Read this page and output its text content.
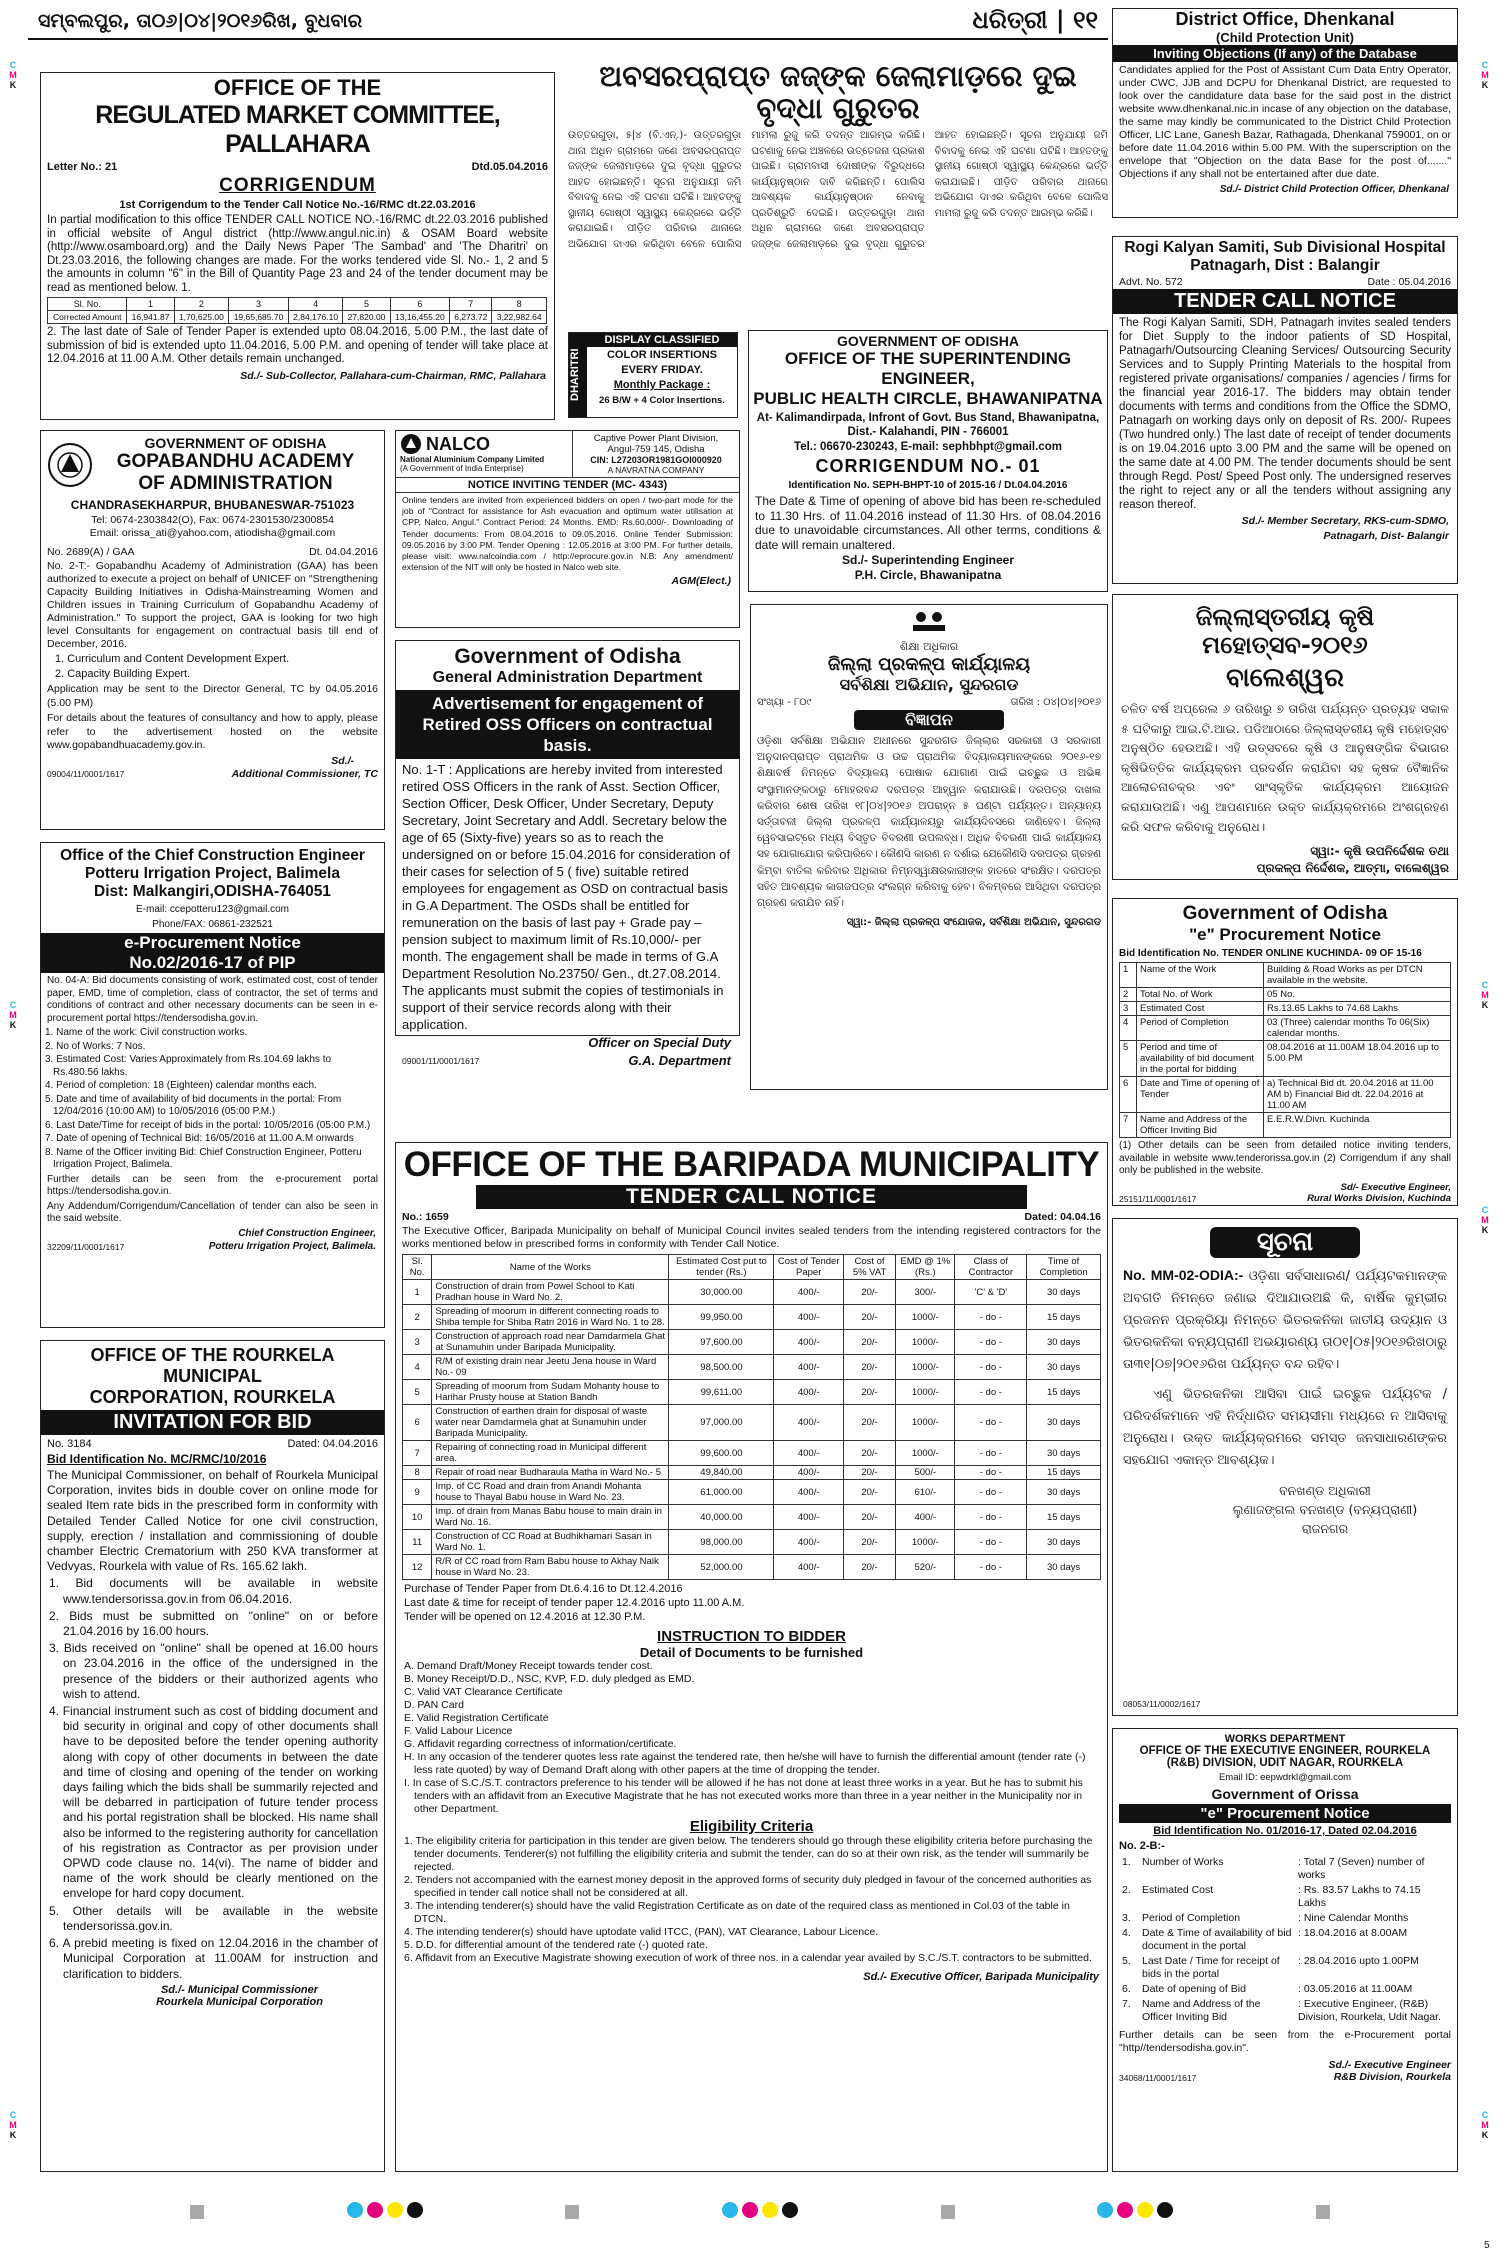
ସମ୍ବଲପୁର, ତା୦୬|୦୪|୨୦୧୬ରିଖ, ବୁଧବାର	ଧରିତ୍ରୀ | ୧୧
C
M
K
C
M
K
C
M
K
C
M
K
C
M
K
C
M
K
C
M
K
OFFICE OF THE
REGULATED MARKET COMMITTEE, PALLAHARA
Letter No.: 21	Dtd.05.04.2016
CORRIGENDUM
1st Corrigendum to the Tender Call Notice No.-16/RMC dt.22.03.2016
In partial modification to this office TENDER CALL NOTICE NO.-16/RMC dt.22.03.2016 published in official website of Angul district (http://www.angul.nic.in) & OSAM Board website (http://www.osamboard.org) and the Daily News Paper 'The Sambad' and 'The Dharitri' on Dt.23.03.2016, the following changes are made. For the works tendered vide Sl. No.- 1, 2 and 5 the amounts in column "6" in the Bill of Quantity Page 23 and 24 of the tender document may be read as mentioned below. 1.
Sl. No.	1	2	3	4	5	6	7	8
Corrected Amount	16,941.87	1,70,625.00	19,65,685.70	2,84,176.10	27,820.00	13,16,455.20	6,273.72	3,22,982.64
2. The last date of Sale of Tender Paper is extended upto 08.04.2016, 5.00 P.M., the last date of submission of bid is extended upto 11.04.2016, 5.00 P.M. and opening of tender will take place at 12.04.2016 at 11.00 A.M. Other details remain unchanged.
Sd./- Sub-Collector, Pallahara-cum-Chairman, RMC, Pallahara
ଅବସରପ୍ରାପ୍ତ ଜଜ୍‌ଙ୍କ ଜେଲାମାଡ଼ରେ ଦୁଇ ବୃଦ୍ଧା ଗୁରୁତର
ଉତ୍ତରଗୁଡ଼ା, ୫|୪ (ବି.ଏନ୍‌.)- ଉତ୍ତରଗୁଡ଼ା ଥାନା ଅଧିନ ଗ୍ରାମରେ ଜଣେ ଅବସରପ୍ରାପ୍ତ ଜଜ୍‌ଙ୍କ ଜେଲାମାଡ଼ରେ ଦୁଇ ବୃଦ୍ଧା ଗୁରୁତର ଆହତ ହୋଇଛନ୍ତି। ସୂଚନା ଅନୁଯାୟୀ ଜମି ବିବାଦକୁ ନେଇ ଏହି ଘଟଣା ଘଟିଛି। ଆହତଙ୍କୁ ସ୍ଥାନୀୟ ଗୋଷ୍ଠୀ ସ୍ୱାସ୍ଥ୍ୟ କେନ୍ଦ୍ରରେ ଭର୍ତ୍ତି କରାଯାଇଛି। ପୀଡ଼ିତ ପରିବାର ଥାନାରେ ଅଭିଯୋଗ ଦାଏର କରିଥିବା ବେଳେ ପୋଲିସ ମାମଲା ରୁଜୁ କରି ତଦନ୍ତ ଆରମ୍ଭ କରିଛି। ଘଟଣାକୁ ନେଇ ଅଞ୍ଚଳରେ ଉତ୍ତେଜନା ପ୍ରକାଶ ପାଇଛି। ଗ୍ରାମବାସୀ ଦୋଷୀଙ୍କ ବିରୁଦ୍ଧରେ କାର୍ଯ୍ୟାନୁଷ୍ଠାନ ଦାବି କରିଛନ୍ତି। ପୋଲିସ ଆବଶ୍ୟକ କାର୍ଯ୍ୟାନୁଷ୍ଠାନ ନେବାକୁ ପ୍ରତିଶ୍ରୁତି ଦେଇଛି। ଉତ୍ତରଗୁଡ଼ା ଥାନା ଅଧିନ ଗ୍ରାମରେ ଜଣେ ଅବସରପ୍ରାପ୍ତ ଜଜ୍‌ଙ୍କ ଜେଲାମାଡ଼ରେ ଦୁଇ ବୃଦ୍ଧା ଗୁରୁତର ଆହତ ହୋଇଛନ୍ତି। ସୂଚନା ଅନୁଯାୟୀ ଜମି ବିବାଦକୁ ନେଇ ଏହି ଘଟଣା ଘଟିଛି। ଆହତଙ୍କୁ ସ୍ଥାନୀୟ ଗୋଷ୍ଠୀ ସ୍ୱାସ୍ଥ୍ୟ କେନ୍ଦ୍ରରେ ଭର୍ତ୍ତି କରାଯାଇଛି। ପୀଡ଼ିତ ପରିବାର ଥାନାରେ ଅଭିଯୋଗ ଦାଏର କରିଥିବା ବେଳେ ପୋଲିସ ମାମଲା ରୁଜୁ କରି ତଦନ୍ତ ଆରମ୍ଭ କରିଛି।
DHARITRI
DISPLAY CLASSIFIED
COLOR INSERTIONS
EVERY FRIDAY.
Monthly Package :
26 B/W + 4 Color Insertions.
GOVERNMENT OF ODISHA
OFFICE OF THE SUPERINTENDING ENGINEER,
PUBLIC HEALTH CIRCLE, BHAWANIPATNA
At- Kalimandirpada, Infront of Govt. Bus Stand, Bhawanipatna, Dist.- Kalahandi, PIN - 766001
Tel.: 06670-230243, E-mail: sephbhpt@gmail.com
CORRIGENDUM NO.- 01
Identification No. SEPH-BHPT-10 of 2015-16 / Dt.04.04.2016
The Date & Time of opening of above bid has been re-scheduled to 11.30 Hrs. of 11.04.2016 instead of 11.30 Hrs. of 08.04.2016 due to unavoidable circumstances. All other terms, conditions & date will remain unaltered.
Sd./- Superintending Engineer
P.H. Circle, Bhawanipatna
District Office, Dhenkanal
(Child Protection Unit)
Inviting Objections (If any) of the Database
Candidates applied for the Post of Assistant Cum Data Entry Operator, under CWC, JJB and DCPU for Dhenkanal District, are requested to look over the candidature data base for the said post in the district website www.dhenkanal.nic.in incase of any objection on the database, the same may kindly be communicated to the District Child Protection Officer, LIC Lane, Ganesh Bazar, Rathagada, Dhenkanal 759001, on or before date 11.04.2016 within 5.00 PM. With the superscription on the envelope that "Objection on the data Base for the post of......." Objections if any shall not be entertained after due date.
Sd./- District Child Protection Officer, Dhenkanal
Rogi Kalyan Samiti, Sub Divisional Hospital
Patnagarh, Dist : Balangir
Advt. No. 572	Date : 05.04.2016
TENDER CALL NOTICE
The Rogi Kalyan Samiti, SDH, Patnagarh invites sealed tenders for Diet Supply to the indoor patients of SD Hospital, Patnagarh/Outsourcing Cleaning Services/ Outsourcing Security Services and to Supply Printing Materials to the hospital from registered private organisations/ companies / agencies / firms for the financial year 2016-17. The bidders may obtain tender documents with terms and conditions from the Office the SDMO, Patnagarh on working days only on deposit of Rs. 200/- Rupees (Two hundred only.) The last date of receipt of tender documents is on 19.04.2016 upto 3.00 PM and the same will be opened on the same date at 4.00 PM. The tender documents should be sent through Regd. Post/ Speed Post only. The undersigned reserves the right to reject any or all the tenders without assigning any reason thereof.
Sd./- Member Secretary, RKS-cum-SDMO,
Patnagarh, Dist- Balangir
GOVERNMENT OF ODISHA
GOPABANDHU ACADEMY
OF ADMINISTRATION
CHANDRASEKHARPUR, BHUBANESWAR-751023
Tel: 0674-2303842(O), Fax: 0674-2301530/2300854
Email: orissa_ati@yahoo.com, atiodisha@gmail.com
No. 2689(A) / GAA	Dt. 04.04.2016
No. 2-T:- Gopabandhu Academy of Administration (GAA) has been authorized to execute a project on behalf of UNICEF on "Strengthening Capacity Building Initiatives in Odisha-Mainstreaming Women and Children issues in Training Curriculum of Gopabandhu Academy of Administration." To support the project, GAA is looking for two high level Consultants for engagement on contractual basis till end of December, 2016.
1. Curriculum and Content Development Expert.
2. Capacity Building Expert.
Application may be sent to the Director General, TC by 04.05.2016 (5.00 PM)
For details about the features of consultancy and how to apply, please refer to the advertisement hosted on the website www.gopabandhuacademy.gov.in.
Sd./-
09004/11/0001/1617	Additional Commissioner, TC
NALCO
National Aluminium Company Limited
(A Government of India Enterprise)
Captive Power Plant Division,
Angul-759 145, Odisha
CIN: L27203OR1981GOI000920
A NAVRATNA COMPANY
NOTICE INVITING TENDER (MC- 4343)
Online tenders are invited from experienced bidders on open / two-part mode for the job of "Contract for assistance for Ash evacuation and optimum water utilisation at CPP, Nalco, Angul." Contract Period: 24 Months. EMD: Rs.60,000/-. Downloading of Tender documents: From 08.04.2016 to 09.05.2016. Online Tender Submission: 09.05.2016 by 3:00 PM. Tender Opening : 12.05.2016 at 3:00 PM. For further details, please visit: www.nalcoindia.com / http://eprocure.gov.in N.B: Any amendment/ extension of the NIT will only be hosted in Nalco web site.
AGM(Elect.)
Government of Odisha
General Administration Department
Advertisement for engagement of Retired OSS Officers on contractual basis.
No. 1-T : Applications are hereby invited from interested retired OSS Officers in the rank of Asst. Section Officer, Section Officer, Desk Officer, Under Secretary, Deputy Secretary, Joint Secretary and Addl. Secretary below the age of 65 (Sixty-five) years so as to reach the undersigned on or before 15.04.2016 for consideration of their cases for selection of 5 ( five) suitable retired employees for engagement as OSD on contractual basis in G.A Department. The OSDs shall be entitled for remuneration on the basis of last pay + Grade pay – pension subject to maximum limit of Rs.10,000/- per month. The engagement shall be made in terms of G.A Department Resolution No.23750/ Gen., dt.27.08.2014. The applicants must submit the copies of testimonials in support of their service records along with their application.
Officer on Special Duty
09001/11/0001/1617	G.A. Department
ଶିକ୍ଷା ଅଧିକାର
ଜିଲ୍ଲା ପ୍ରକଳ୍ପ କାର୍ଯ୍ୟାଳୟ
ସର୍ବଶିକ୍ଷା ଅଭିଯାନ, ସୁନ୍ଦରଗଡ
ସଂଖ୍ୟା - ୮୦୯	ତାରିଖ : ୦୪|୦୪|୨୦୧୬
ବିଜ୍ଞାପନ
ଓଡ଼ିଶା ସର୍ବଶିକ୍ଷା ଅଭିଯାନ ଅଧୀନରେ ସୁନ୍ଦରଗଡ ଜିଲ୍ଲାର ସରକାରୀ ଓ ସରକାରୀ ଅନୁଦାନପ୍ରାପ୍ତ ପ୍ରାଥମିକ ଓ ଉଚ୍ଚ ପ୍ରାଥମିକ ବିଦ୍ୟାଳୟମାନଙ୍କରେ ୨୦୧୬-୧୭ ଶିକ୍ଷାବର୍ଷ ନିମନ୍ତେ ବିଦ୍ୟାଳୟ ପୋଷାକ ଯୋଗାଣ ପାଇଁ ଇଚ୍ଛୁକ ଓ ଅଭିଜ୍ଞ ସଂସ୍ଥାମାନଙ୍କଠାରୁ ମୋହରବନ୍ଦ ଦରପତ୍ର ଆହ୍ୱାନ କରାଯାଉଛି। ଦରପତ୍ର ଦାଖଲ କରିବାର ଶେଷ ତାରିଖ ୧୮|୦୪|୨୦୧୬ ଅପରାହ୍ନ ୫ ଘଣ୍ଟା ପର୍ଯ୍ୟନ୍ତ। ଅନ୍ୟାନ୍ୟ ସର୍ତ୍ତାବଳୀ ଜିଲ୍ଲା ପ୍ରକଳ୍ପ କାର୍ଯ୍ୟାଳୟରୁ କାର୍ଯ୍ୟଦିବସରେ ଜାଣିହେବ। ଜିଲ୍ଲା ୱେବସାଇଟ୍‌ରେ ମଧ୍ୟ ବିସ୍ତୃତ ବିବରଣୀ ଉପଲବ୍ଧ। ଅଧିକ ବିବରଣୀ ପାଇଁ କାର୍ଯ୍ୟାଳୟ ସହ ଯୋଗାଯୋଗ କରିପାରିବେ। କୌଣସି କାରଣ ନ ଦର୍ଶାଇ ଯେକୌଣସି ଦରପତ୍ର ଗ୍ରହଣ କିମ୍ବା ବାତିଲ କରିବାର ଅଧିକାର ନିମ୍ନସ୍ୱାକ୍ଷରକାରୀଙ୍କ ହାତରେ ସଂରକ୍ଷିତ। ଦରପତ୍ର ସହିତ ଆବଶ୍ୟକ କାଗଜପତ୍ର ସଂଲଗ୍ନ କରିବାକୁ ହେବ। ବିଳମ୍ବରେ ଆସିଥିବା ଦରପତ୍ର ଗ୍ରହଣ କରାଯିବ ନାହିଁ।
ସ୍ୱା:- ଜିଲ୍ଲା ପ୍ରକଳ୍ପ ସଂଯୋଜକ, ସର୍ବଶିକ୍ଷା ଅଭିଯାନ, ସୁନ୍ଦରଗଡ
ଜିଲ୍ଲାସ୍ତରୀୟ କୃଷି ମହୋତ୍ସବ-୨୦୧୬
ବାଲେଶ୍ୱର
ଚଳିତ ବର୍ଷ ଅପ୍ରେଲ ୬ ତାରିଖରୁ ୭ ତାରିଖ ପର୍ଯ୍ୟନ୍ତ ପ୍ରତ୍ୟହ ସକାଳ ୫ ଘଟିକାରୁ ଆଇ.ଟି.ଆଇ. ପଡିଆଠାରେ ଜିଲ୍ଲାସ୍ତରୀୟ କୃଷି ମହୋତ୍ସବ ଅନୁଷ୍ଠିତ ହେଉଅଛି। ଏହି ଉତ୍ସବରେ କୃଷି ଓ ଆନୁଷଙ୍ଗିକ ବିଭାଗର କୃଷିଭିତ୍ତିକ କାର୍ଯ୍ୟକ୍ରମ ପ୍ରଦର୍ଶନ କରାଯିବା ସହ କୃଷକ ବୈଜ୍ଞାନିକ ଆଲୋଚନାଚକ୍ର ଏବଂ ସାଂସ୍କୃତିକ କାର୍ଯ୍ୟକ୍ରମ ଆୟୋଜନ କରାଯାଉଅଛି। ଏଣୁ ଆପଣମାନେ ଉକ୍ତ କାର୍ଯ୍ୟକ୍ରମରେ ଅଂଶଗ୍ରହଣ କରି ସଫଳ କରିବାକୁ ଅନୁରୋଧ।
ସ୍ୱା:- କୃଷି ଉପନିର୍ଦ୍ଦେଶକ ତଥା
ପ୍ରକଳ୍ପ ନିର୍ଦ୍ଦେଶକ, ଆତ୍ମା, ବାଲେଶ୍ୱର
Government of Odisha
"e" Procurement Notice
Bid Identification No. TENDER ONLINE KUCHINDA- 09 OF 15-16
1	Name of the Work	Building & Road Works as per DTCN available in the website.
2	Total No. of Work	05 No.
3	Estimated Cost	Rs.13.65 Lakhs to 74.68 Lakhs
4	Period of Completion	03 (Three) calendar months To 06(Six) calendar months.
5	Period and time of availability of bid document in the portal for bidding	08.04.2016 at 11.00AM 18.04.2016 up to 5.00 PM
6	Date and Time of opening of Tender	a) Technical Bid dt. 20.04.2016 at 11.00 AM b) Financial Bid dt. 22.04.2016 at 11.00 AM
7	Name and Address of the Officer Inviting Bid	E.E.R.W.Divn. Kuchinda
(1) Other details can be seen from detailed notice inviting tenders, available in website www.tenderorissa.gov.in (2) Corrigendum if any shall only be published in the website.
25151/11/0001/1617
Sd/- Executive Engineer,
Rural Works Division, Kuchinda
Office of the Chief Construction Engineer
Potteru Irrigation Project, Balimela
Dist: Malkangiri,ODISHA-764051
E-mail: ccepotteru123@gmail.com
Phone/FAX: 06861-232521
e-Procurement Notice
No.02/2016-17 of PIP
No. 04-A: Bid documents consisting of work, estimated cost, cost of tender paper, EMD, time of completion, class of contractor, the set of terms and conditions of contract and other necessary documents can be seen in e-procurement portal https://tendersodisha.gov.in.
1. Name of the work: Civil construction works.
2. No of Works: 7 Nos.
3. Estimated Cost: Varies Approximately from Rs.104.69 lakhs to Rs.480.56 lakhs.
4. Period of completion: 18 (Eighteen) calendar months each.
5. Date and time of availability of bid documents in the portal: From 12/04/2016 (10:00 AM) to 10/05/2016 (05:00 P.M.)
6. Last Date/Time for receipt of bids in the portal: 10/05/2016 (05:00 P.M.)
7. Date of opening of Technical Bid: 16/05/2016 at 11.00 A.M onwards
8. Name of the Officer inviting Bid: Chief Construction Engineer, Potteru Irrigation Project, Balimela.
Further details can be seen from the e-procurement portal https://tendersodisha.gov.in.
Any Addendum/Corrigendum/Cancellation of tender can also be seen in the said website.
Chief Construction Engineer,
32209/11/0001/1617	Potteru Irrigation Project, Balimela.
OFFICE OF THE BARIPADA MUNICIPALITY
TENDER CALL NOTICE
No.: 1659	Dated: 04.04.16
The Executive Officer, Baripada Municipality on behalf of Municipal Council invites sealed tenders from the intending registered contractors for the works mentioned below in prescribed forms in conformity with Tender Call Notice.
Sl. No.	Name of the Works	Estimated Cost put to tender (Rs.)	Cost of Tender Paper	Cost of 5% VAT	EMD @ 1% (Rs.)	Class of Contractor	Time of Completion
1	Construction of drain from Powel School to Kati Pradhan house in Ward No. 2.	30,000.00	400/-	20/-	300/-	'C' & 'D'	30 days
2	Spreading of moorum in different connecting roads to Shiba temple for Shiba Ratri 2016 in Ward No. 1 to 28.	99,950.00	400/-	20/-	1000/-	- do -	15 days
3	Construction of approach road near Damdarmela Ghat at Sunamuhin under Baripada Municipality.	97,600.00	400/-	20/-	1000/-	- do -	30 days
4	R/M of existing drain near Jeetu Jena house in Ward No.- 09	98,500.00	400/-	20/-	1000/-	- do -	30 days
5	Spreading of moorum from Sudam Mohanty house to Harihar Prusty house at Station Bandh	99,611.00	400/-	20/-	1000/-	- do -	15 days
6	Construction of earthen drain for disposal of waste water near Damdarmela ghat at Sunamuhin under Baripada Municipality.	97,000.00	400/-	20/-	1000/-	- do -	30 days
7	Repairing of connecting road in Municipal different area.	99,600.00	400/-	20/-	1000/-	- do -	30 days
8	Repair of road near Budharaula Matha in Ward No.- 5	49,840.00	400/-	20/-	500/-	- do -	15 days
9	Imp. of CC Road and drain from Anandi Mohanta house to Thayal Babu house in Ward No. 23.	61,000.00	400/-	20/-	610/-	- do -	30 days
10	Imp. of drain from Manas Babu house to main drain in Ward No. 16.	40,000.00	400/-	20/-	400/-	- do -	15 days
11	Construction of CC Road at Budhikhamari Sasan in Ward No. 1.	98,000.00	400/-	20/-	1000/-	- do -	30 days
12	R/R of CC road from Ram Babu house to Akhay Naik house in Ward No. 23.	52,000.00	400/-	20/-	520/-	- do -	30 days
Purchase of Tender Paper from Dt.6.4.16 to Dt.12.4.2016
Last date & time for receipt of tender paper 12.4.2016 upto 11.00 A.M.
Tender will be opened on 12.4.2016 at 12.30 P.M.
INSTRUCTION TO BIDDER
Detail of Documents to be furnished
A. Demand Draft/Money Receipt towards tender cost.
B. Money Receipt/D.D., NSC, KVP, F.D. duly pledged as EMD.
C. Valid VAT Clearance Certificate
D. PAN Card
E. Valid Registration Certificate
F. Valid Labour Licence
G. Affidavit regarding correctness of information/certificate.
H. In any occasion of the tenderer quotes less rate against the tendered rate, then he/she will have to furnish the differential amount (tender rate (-) less rate quoted) by way of Demand Draft along with other papers at the time of dropping the tender.
I. In case of S.C./S.T. contractors preference to his tender will be allowed if he has not done at least three works in a year. But he has to submit his tenders with an affidavit from an Executive Magistrate that he has not executed works more than three in a year neither in the Municipality nor in other Department.
Eligibility Criteria
1. The eligibility criteria for participation in this tender are given below. The tenderers should go through these eligibility criteria before purchasing the tender documents. Tenderer(s) not fulfilling the eligibility criteria and submit the tender, can do so at their own risk, as the tender will summarily be rejected.
2. Tenders not accompanied with the earnest money deposit in the approved forms of security duly pledged in favour of the concerned authorities as specified in tender call notice shall not be considered at all.
3. The intending tenderer(s) should have the valid Registration Certificate as on date of the required class as mentioned in Col.03 of the table in DTCN.
4. The intending tenderer(s) should have uptodate valid ITCC, (PAN), VAT Clearance, Labour Licence.
5. D.D. for differential amount of the tendered rate (-) quoted rate.
6. Affidavit from an Executive Magistrate showing execution of work of three nos. in a calendar year availed by S.C./S.T. contractors to be submitted.
Sd./- Executive Officer, Baripada Municipality
OFFICE OF THE ROURKELA MUNICIPAL
CORPORATION, ROURKELA
INVITATION FOR BID
No. 3184	Dated: 04.04.2016
Bid Identification No. MC/RMC/10/2016
The Municipal Commissioner, on behalf of Rourkela Municipal Corporation, invites bids in double cover on online mode for sealed Item rate bids in the prescribed form in conformity with Detailed Tender Called Notice for one civil construction, supply, erection / installation and commissioning of double chamber Electric Crematorium with 250 KVA transformer at Vedvyas, Rourkela with value of Rs. 165.62 lakh.
1. Bid documents will be available in website www.tendersorissa.gov.in from 06.04.2016.
2. Bids must be submitted on "online" on or before 21.04.2016 by 16.00 hours.
3. Bids received on "online" shall be opened at 16.00 hours on 23.04.2016 in the office of the undersigned in the presence of the bidders or their authorized agents who wish to attend.
4. Financial instrument such as cost of bidding document and bid security in original and copy of other documents shall have to be deposited before the tender opening authority along with copy of other documents in between the date and time of closing and opening of the tender on working days failing which the bids shall be summarily rejected and will be debarred in participation of future tender process and his portal registration shall be blocked. His name shall also be informed to the registering authority for cancellation of his registration as Contractor as per provision under OPWD code clause no. 14(vi). The name of bidder and name of the work should be clearly mentioned on the envelope for hard copy document.
5. Other details will be available in the website tendersorissa.gov.in.
6. A prebid meeting is fixed on 12.04.2016 in the chamber of Municipal Corporation at 11.00AM for instruction and clarification to bidders.
Sd./- Municipal Commissioner
Rourkela Municipal Corporation
ସୂଚନା
No. MM-02-ODIA:- ଓଡ଼ିଶା ସର୍ବସାଧାରଣ/ ପର୍ଯ୍ୟଟକମାନଙ୍କ ଅବଗତି ନିମନ୍ତେ ଜଣାଇ ଦିଆଯାଉଅଛି କି, ବାର୍ଷିକ କୁମ୍ଭୀର ପ୍ରଜନନ ପ୍ରକ୍ରିୟା ନିମନ୍ତେ ଭିତରକନିକା ଜାତୀୟ ଉଦ୍ୟାନ ଓ ଭିତରକନିକା ବନ୍ୟପ୍ରାଣୀ ଅଭୟାରଣ୍ୟ ତା୦୧|୦୫|୨୦୧୬ରିଖଠାରୁ ତା୩୧|୦୭|୨୦୧୬ରିଖ ପର୍ଯ୍ୟନ୍ତ ବନ୍ଦ ରହିବ।
ଏଣୁ ଭିତରକନିକା ଆସିବା ପାଇଁ ଇଚ୍ଛୁକ ପର୍ଯ୍ୟଟକ / ପରିଦର୍ଶକମାନେ ଏହି ନିର୍ଦ୍ଧାରିତ ସମୟସୀମା ମଧ୍ୟରେ ନ ଆସିବାକୁ ଅନୁରୋଧ। ଉକ୍ତ କାର୍ଯ୍ୟକ୍ରମରେ ସମସ୍ତ ଜନସାଧାରଣଙ୍କର ସହଯୋଗ ଏକାନ୍ତ ଆବଶ୍ୟକ।
ବନଖଣ୍ଡ ଅଧିକାରୀ
ଲୁଣାଜଙ୍ଗଲ ବନଖଣ୍ଡ (ବନ୍ୟପ୍ରାଣୀ)
ରାଜନଗର
08053/11/0002/1617
WORKS DEPARTMENT
OFFICE OF THE EXECUTIVE ENGINEER, ROURKELA
(R&B) DIVISION, UDIT NAGAR, ROURKELA
Email ID: eepwdrkl@gmail.com
Government of Orissa
"e" Procurement Notice
Bid Identification No. 01/2016-17, Dated 02.04.2016
No. 2-B:-
1.	Number of Works	: Total 7 (Seven) number of works
2.	Estimated Cost	: Rs. 83.57 Lakhs to 74.15 Lakhs
3.	Period of Completion	: Nine Calendar Months
4.	Date & Time of availability of bid document in the portal	: 18.04.2016 at 8.00AM
5.	Last Date / Time for receipt of bids in the portal	: 28.04.2016 upto 1.00PM
6.	Date of opening of Bid	: 03.05.2016 at 11.00AM
7.	Name and Address of the Officer Inviting Bid	: Executive Engineer, (R&B) Division, Rourkela, Udit Nagar.
Further details can be seen from the e-Procurement portal "http//tendersodisha.gov.in".
34068/11/0001/1617
Sd./- Executive Engineer
R&B Division, Rourkela
5
